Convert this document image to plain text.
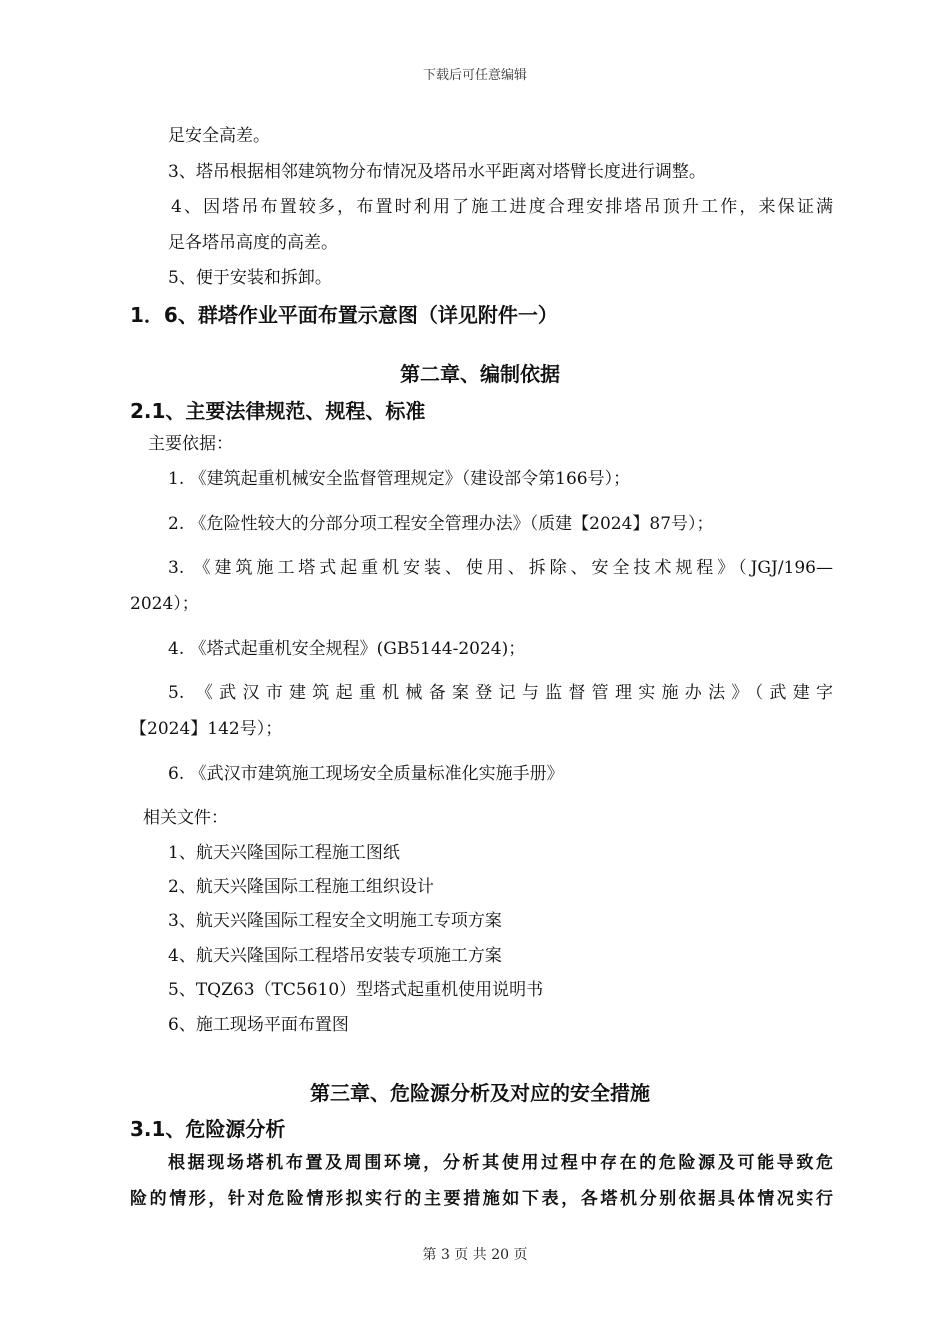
下载后可任意编辑
足安全高差。
3、塔吊根据相邻建筑物分布情况及塔吊水平距离对塔臂长度进行调整。
4、因塔吊布置较多，布置时利用了施工进度合理安排塔吊顶升工作，来保证满
足各塔吊高度的高差。
5、便于安装和拆卸。
1．6、群塔作业平面布置示意图（详见附件一）
第二章、编制依据
2.1、主要法律规范、规程、标准
主要依据：
1. 《建筑起重机械安全监督管理规定》（建设部令第166号）；
2. 《危险性较大的分部分项工程安全管理办法》（质建【2024】87号）；
3. 《建筑施工塔式起重机安装、使用、拆除、安全技术规程》（JGJ/196—
2024）；
4. 《塔式起重机安全规程》(GB5144-2024)；
5. 《武汉市建筑起重机械备案登记与监督管理实施办法》（武建字
【2024】142号）；
6. 《武汉市建筑施工现场安全质量标准化实施手册》
相关文件：
1、航天兴隆国际工程施工图纸
2、航天兴隆国际工程施工组织设计
3、航天兴隆国际工程安全文明施工专项方案
4、航天兴隆国际工程塔吊安装专项施工方案
5、TQZ63（TC5610）型塔式起重机使用说明书
6、施工现场平面布置图
第三章、危险源分析及对应的安全措施
3.1、危险源分析
根据现场塔机布置及周围环境，分析其使用过程中存在的危险源及可能导致危
险的情形，针对危险情形拟实行的主要措施如下表，各塔机分别依据具体情况实行
第 3 页 共 20 页
